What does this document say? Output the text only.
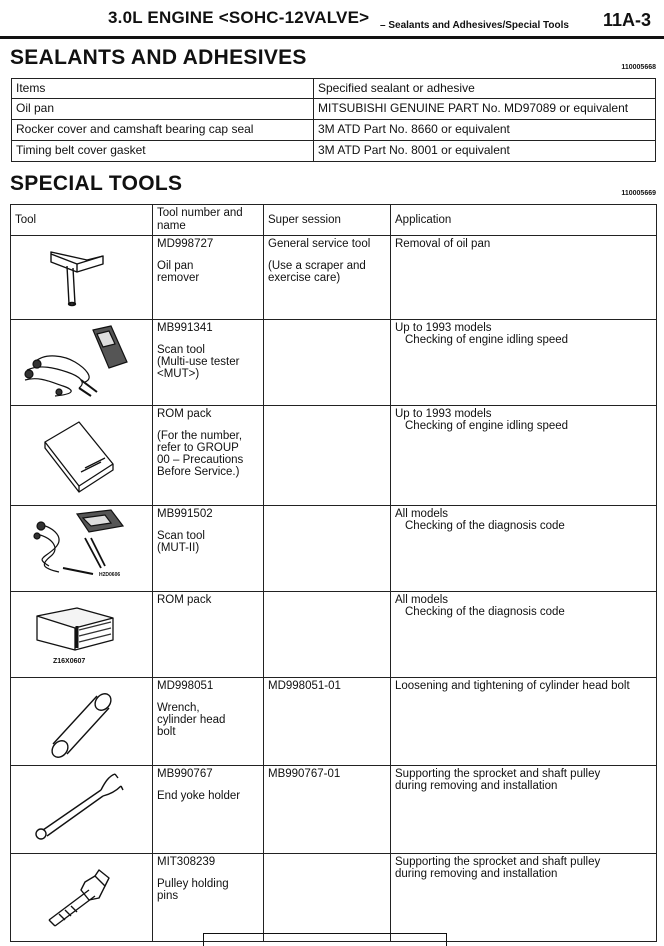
3.0L ENGINE <SOHC-12VALVE> – Sealants and Adhesives/Special Tools 11A-3
SEALANTS AND ADHESIVES	110005668
Items	Specified sealant or adhesive
Oil pan	MITSUBISHI GENUINE PART No. MD97089 or equivalent
Rocker cover and camshaft bearing cap seal	3M ATD Part No. 8660 or equivalent
Timing belt cover gasket	3M ATD Part No. 8001 or equivalent
SPECIAL TOOLS	110005669
Tool	Tool number and name	Super session	Application

MD998727
Oil pan
remover	General service tool
(Use a scraper and
exercise care)	Removal of oil pan

MB991341
Scan tool
(Multi-use tester
<MUT>)		Up to 1993 models
Checking of engine idling speed

ROM pack
(For the number,
refer to GROUP
00 – Precautions
Before Service.)		Up to 1993 models
Checking of engine idling speed

H2D0606	MB991502
Scan tool
(MUT-II)		All models
Checking of the diagnosis code

Z16X0607	ROM pack		All models
Checking of the diagnosis code

MD998051
Wrench,
cylinder head
bolt	MD998051-01	Loosening and tightening of cylinder head bolt

MB990767
End yoke holder	MB990767-01	Supporting the sprocket and shaft pulley
during removing and installation

MIT308239
Pulley holding
pins		Supporting the sprocket and shaft pulley
during removing and installation
